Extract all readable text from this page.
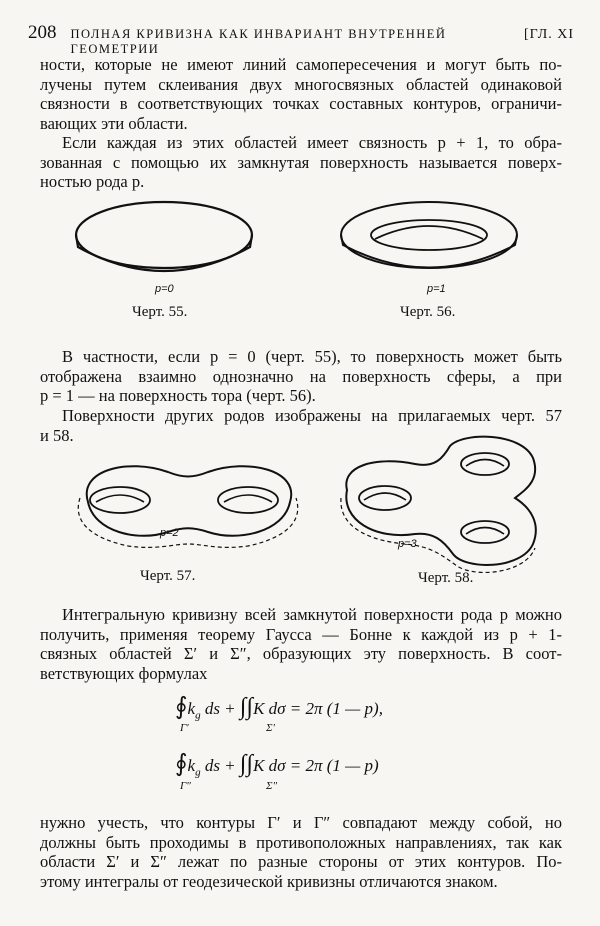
208 ПОЛНАЯ КРИВИЗНА КАК ИНВАРИАНТ ВНУТРЕННЕЙ ГЕОМЕТРИИ
[ГЛ. XI
ности, которые не имеют линий самопересечения и могут быть по-
лучены путем склеивания двух многосвязных областей одинаковой
связности в соответствующих точках составных контуров, ограничи-
вающих эти области.
Если каждая из этих областей имеет связность p + 1, то обра-
зованная с помощью их замкнутая поверхность называется поверх-
ностью рода p.
p=0
Черт. 55.
p=1
Черт. 56.
В частности, если p = 0 (черт. 55), то поверхность может быть
отображена взаимно однозначно на поверхность сферы, а при
p = 1 — на поверхность тора (черт. 56).
Поверхности других родов изображены на прилагаемых черт. 57
и 58.
p=2
Черт. 57.
p=3
Черт. 58.
Интегральную кривизну всей замкнутой поверхности рода p можно
получить, применяя теорему Гаусса — Бонне к каждой из p + 1-
связных областей Σ′ и Σ″, образующих эту поверхность. В соот-
ветствующих формулах
$∮k_g$ ds + ∫∫K dσ = 2π (1 — p),
Γ′	Σ′
$∮k_g$ ds + ∫∫K dσ = 2π (1 — p)
Γ″	Σ″
нужно учесть, что контуры Γ′ и Γ″ совпадают между собой, но
должны быть проходимы в противоположных направлениях, так как
области Σ′ и Σ″ лежат по разные стороны от этих контуров. По-
этому интегралы от геодезической кривизны отличаются знаком.
